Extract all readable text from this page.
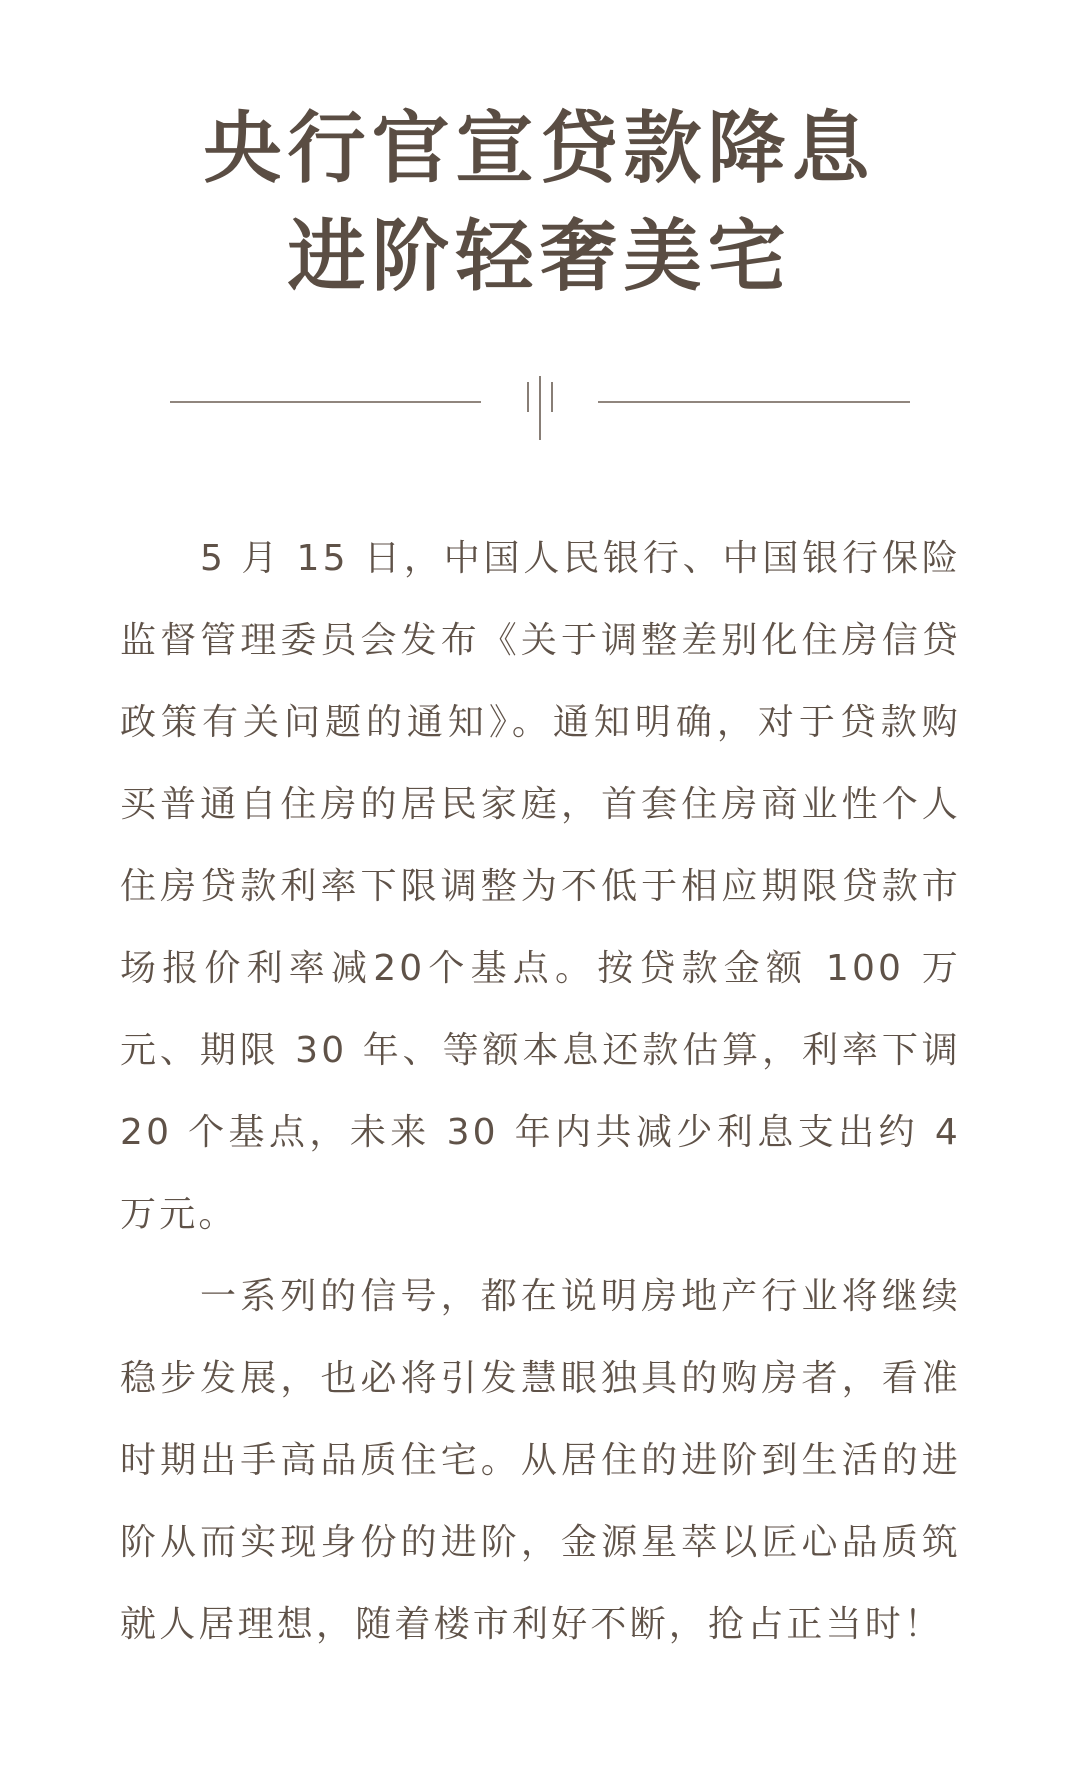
央行官宣贷款降息
进阶轻奢美宅

5 月 15 日，中国人民银行、中国银行保险监督管理委员会发布《关于调整差别化住房信贷政策有关问题的通知》。通知明确，对于贷款购买普通自住房的居民家庭，首套住房商业性个人住房贷款利率下限调整为不低于相应期限贷款市场报价利率减20个基点。按贷款金额 100 万元、期限 30 年、等额本息还款估算，利率下调 20 个基点，未来 30 年内共减少利息支出约 4 万元。

一系列的信号，都在说明房地产行业将继续稳步发展，也必将引发慧眼独具的购房者，看准时期出手高品质住宅。从居住的进阶到生活的进阶从而实现身份的进阶，金源星萃以匠心品质筑就人居理想，随着楼市利好不断，抢占正当时！
